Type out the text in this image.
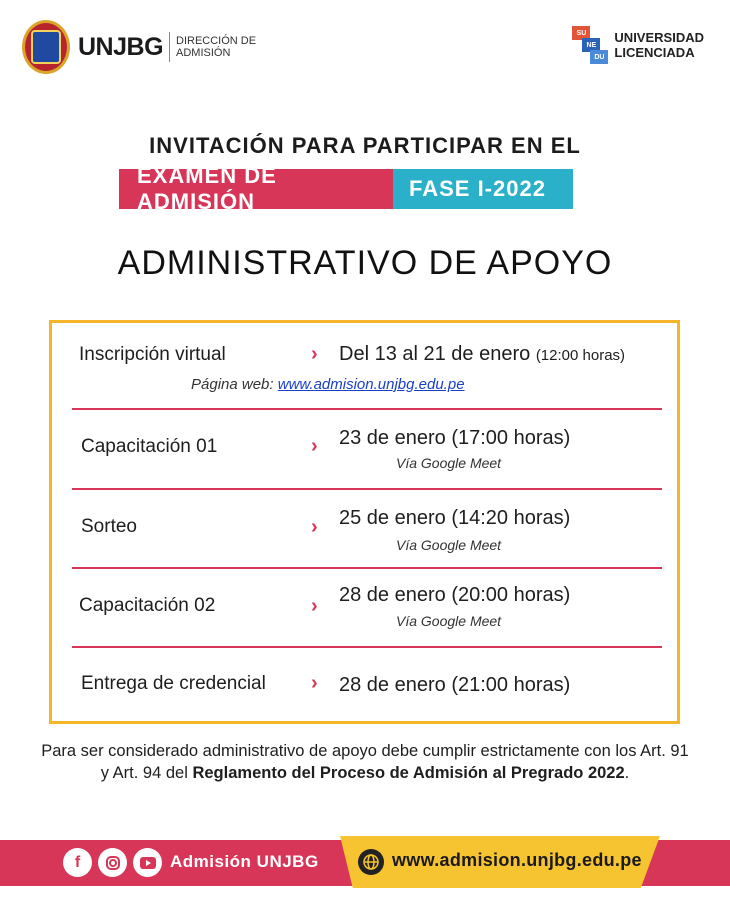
UNJBG DIRECCIÓN DE
ADMISIÓN
SU
NE
DU
UNIVERSIDAD
LICENCIADA
INVITACIÓN PARA PARTICIPAR EN EL
EXAMEN DE ADMISIÓN
FASE I-2022
ADMINISTRATIVO DE APOYO
Inscripción virtual	› Del 13 al 21 de enero (12:00 horas)
Página web: www.admision.unjbg.edu.pe
Capacitación 01	› 23 de enero (17:00 horas)
Vía Google Meet
Sorteo	› 25 de enero (14:20 horas)
Vía Google Meet
Capacitación 02	› 28 de enero (20:00 horas)
Vía Google Meet
Entrega de credencial › 28 de enero (21:00 horas)
Para ser considerado administrativo de apoyo debe cumplir estrictamente con los Art. 91 y Art. 94 del Reglamento del Proceso de Admisión al Pregrado 2022.
f	Admisión UNJBG	www.admision.unjbg.edu.pe
